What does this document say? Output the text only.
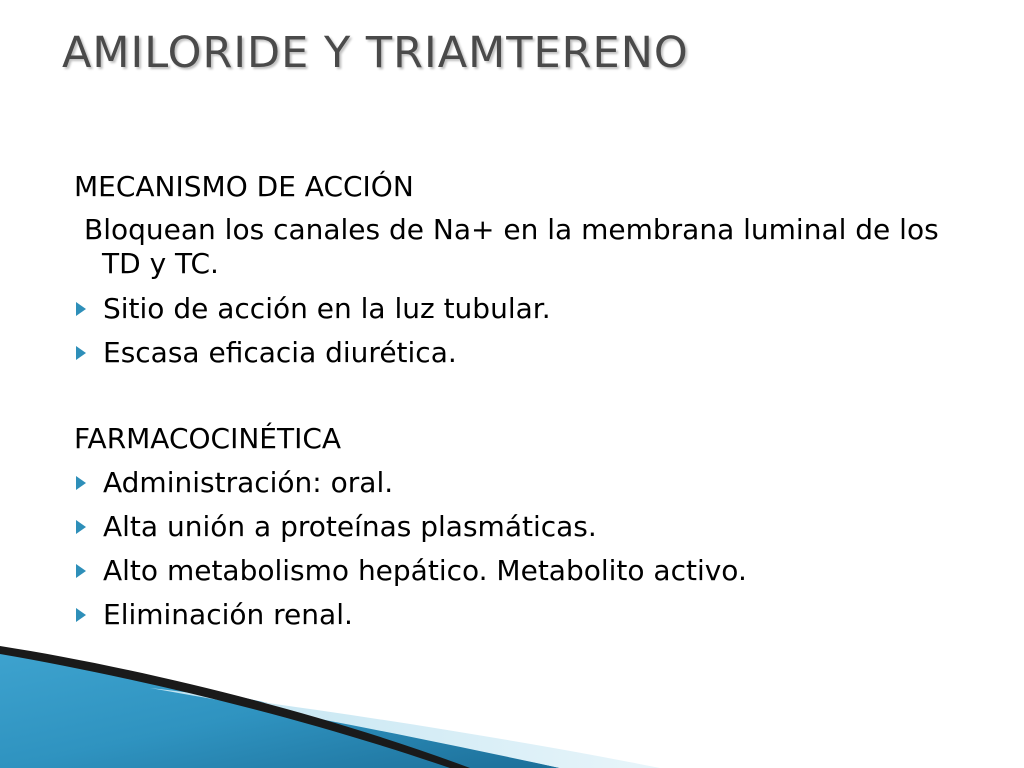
AMILORIDE Y TRIAMTERENO
MECANISMO DE ACCIÓN
Bloquean los canales de Na+ en la membrana luminal de los TD y TC.
Sitio de acción en la luz tubular.
Escasa eficacia diurética.
FARMACOCINÉTICA
Administración: oral.
Alta unión a proteínas plasmáticas.
Alto metabolismo hepático. Metabolito activo.
Eliminación renal.
